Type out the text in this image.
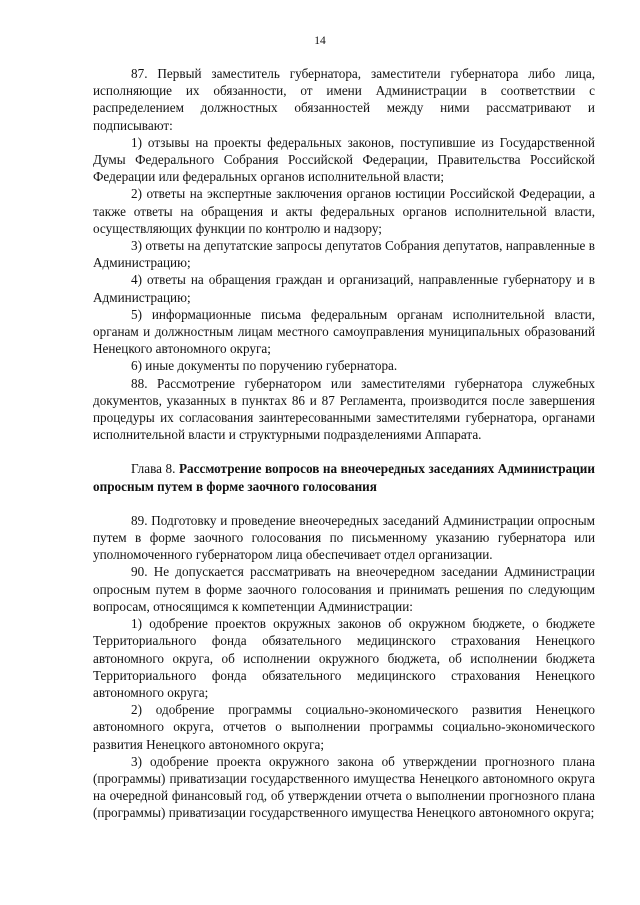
14

87. Первый заместитель губернатора, заместители губернатора либо лица, исполняющие их обязанности, от имени Администрации в соответствии с распределением должностных обязанностей между ними рассматривают и подписывают:

1) отзывы на проекты федеральных законов, поступившие из Государственной Думы Федерального Собрания Российской Федерации, Правительства Российской Федерации или федеральных органов исполнительной власти;

2) ответы на экспертные заключения органов юстиции Российской Федерации, а также ответы на обращения и акты федеральных органов исполнительной власти, осуществляющих функции по контролю и надзору;

3) ответы на депутатские запросы депутатов Собрания депутатов, направленные в Администрацию;

4) ответы на обращения граждан и организаций, направленные губернатору и в Администрацию;

5) информационные письма федеральным органам исполнительной власти, органам и должностным лицам местного самоуправления муниципальных образований Ненецкого автономного округа;

6) иные документы по поручению губернатора.

88. Рассмотрение губернатором или заместителями губернатора служебных документов, указанных в пунктах 86 и 87 Регламента, производится после завершения процедуры их согласования заинтересованными заместителями губернатора, органами исполнительной власти и структурными подразделениями Аппарата.

Глава 8. Рассмотрение вопросов на внеочередных заседаниях Администрации опросным путем в форме заочного голосования

89. Подготовку и проведение внеочередных заседаний Администрации опросным путем в форме заочного голосования по письменному указанию губернатора или уполномоченного губернатором лица обеспечивает отдел организации.

90. Не допускается рассматривать на внеочередном заседании Администрации опросным путем в форме заочного голосования и принимать решения по следующим вопросам, относящимся к компетенции Администрации:

1) одобрение проектов окружных законов об окружном бюджете, о бюджете Территориального фонда обязательного медицинского страхования Ненецкого автономного округа, об исполнении окружного бюджета, об исполнении бюджета Территориального фонда обязательного медицинского страхования Ненецкого автономного округа;

2) одобрение программы социально-экономического развития Ненецкого автономного округа, отчетов о выполнении программы социально-экономического развития Ненецкого автономного округа;

3) одобрение проекта окружного закона об утверждении прогнозного плана (программы) приватизации государственного имущества Ненецкого автономного округа на очередной финансовый год, об утверждении отчета о выполнении прогнозного плана (программы) приватизации государственного имущества Ненецкого автономного округа;
